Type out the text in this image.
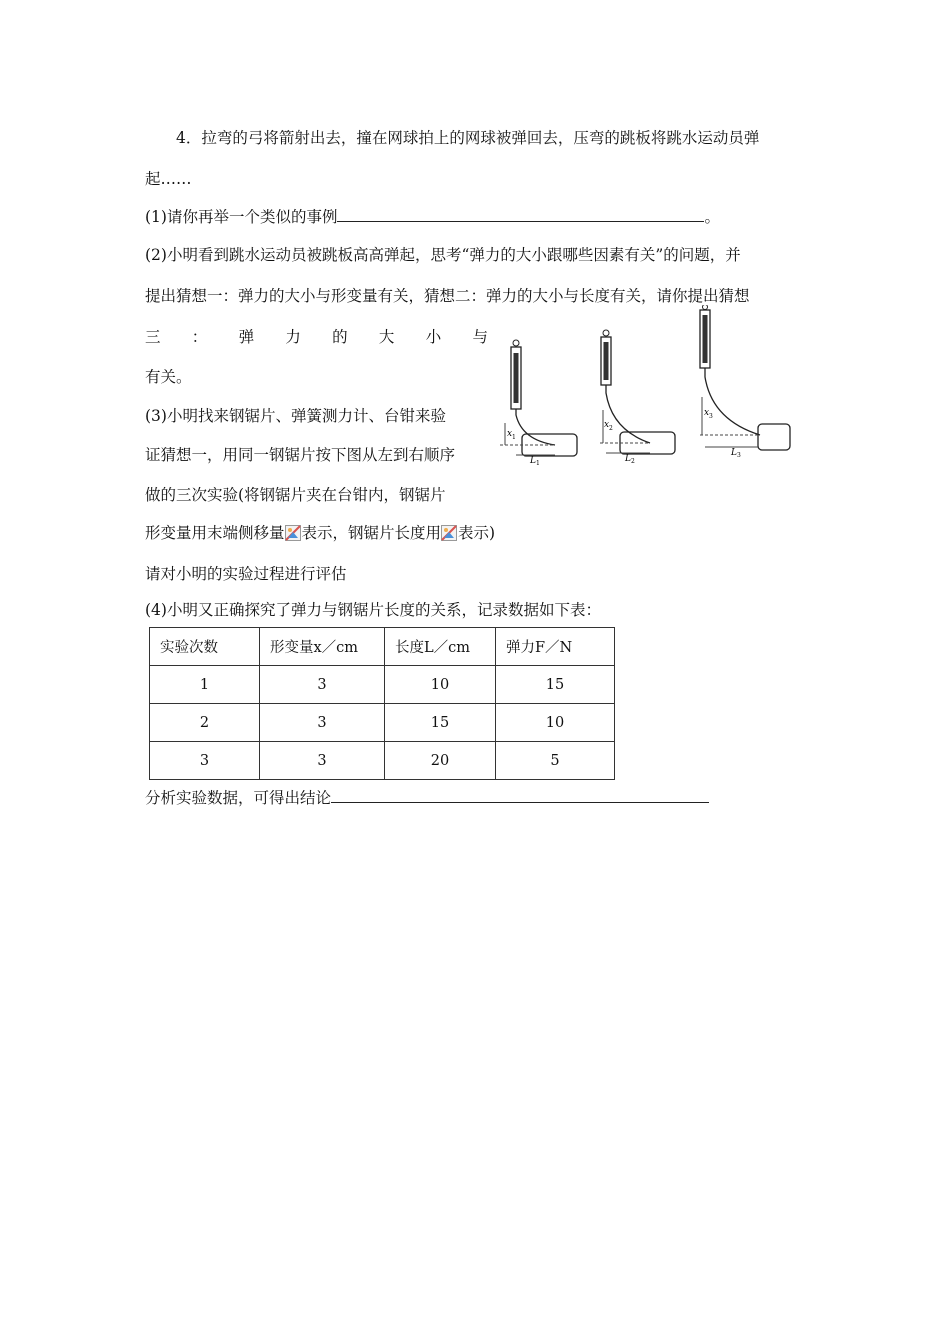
4．拉弯的弓将箭射出去，撞在网球拍上的网球被弹回去，压弯的跳板将跳水运动员弹
起……
(1)请你再举一个类似的事例	。
(2)小明看到跳水运动员被跳板高高弹起，思考“弹力的大小跟哪些因素有关”的问题，并
提出猜想一：弹力的大小与形变量有关，猜想二：弹力的大小与长度有关，请你提出猜想
三 ： 弹 力 的 大 小 与
有关。
(3)小明找来钢锯片、弹簧测力计、台钳来验
证猜想一，用同一钢锯片按下图从左到右顺序
做的三次实验(将钢锯片夹在台钳内，钢锯片
形变量用末端侧移量 表示，钢锯片长度用 表示)
请对小明的实验过程进行评估
(4)小明又正确探究了弹力与钢锯片长度的关系，记录数据如下表：
x 1
L 1
x 2
L 2
x 3
L 3
实验次数	形变量x／cm	长度L／cm	弹力F／N
1	3	10	15
2	3	15	10
3	3	20	5
分析实验数据，可得出结论
